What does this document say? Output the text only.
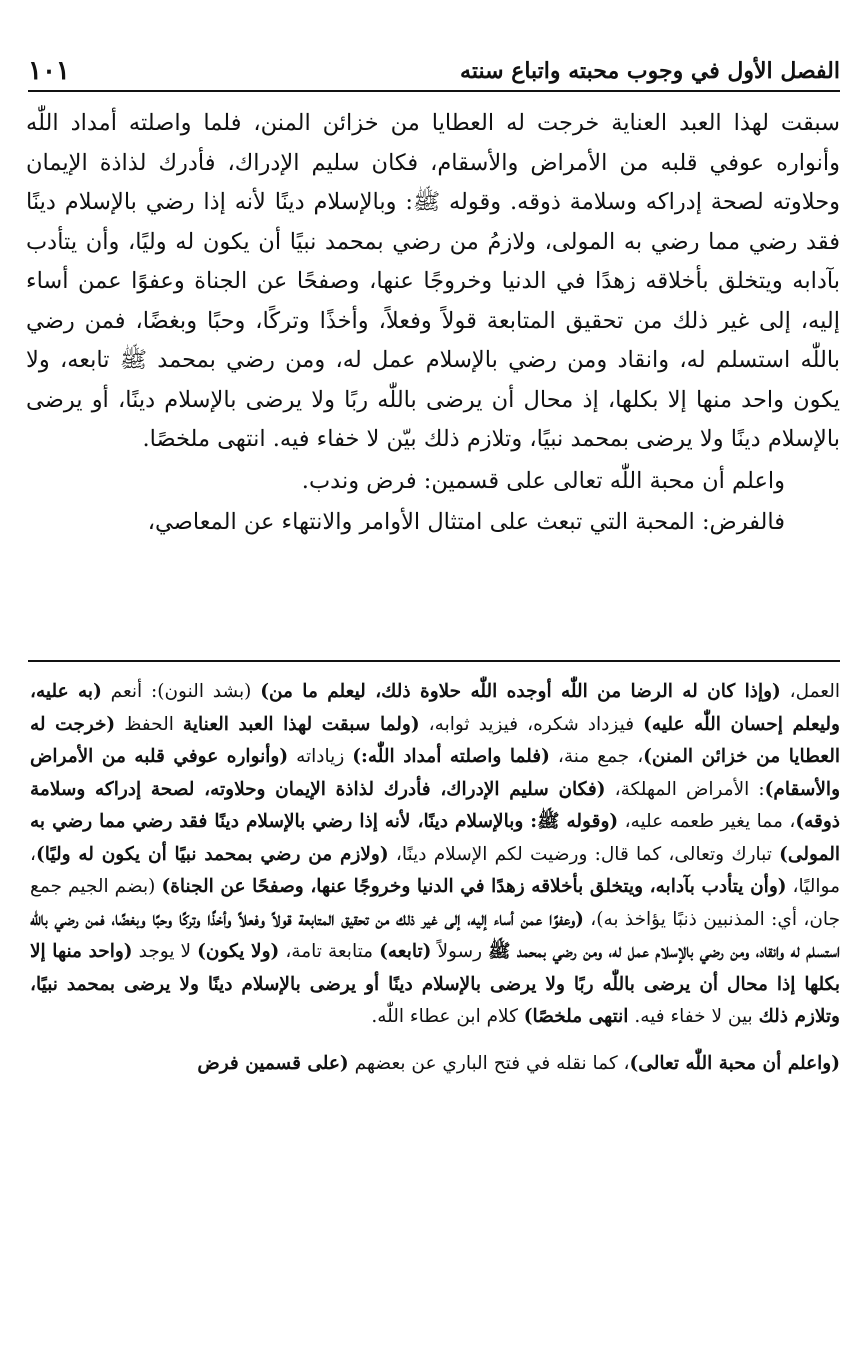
الفصل الأول في وجوب محبته واتباع سنته
١٠١

سبقت لهذا العبد العناية خرجت له العطايا من خزائن المنن، فلما واصلته أمداد اللّٰه وأنواره عوفي قلبه من الأمراض والأسقام، فكان سليم الإدراك، فأدرك لذاذة الإيمان وحلاوته لصحة إدراكه وسلامة ذوقه. وقوله ﷺ: وبالإسلام دينًا لأنه إذا رضي بالإسلام دينًا فقد رضي مما رضي به المولى، ولازمُ من رضي بمحمد نبيًا أن يكون له وليًا، وأن يتأدب بآدابه ويتخلق بأخلاقه زهدًا في الدنيا وخروجًا عنها، وصفحًا عن الجناة وعفوًا عمن أساء إليه، إلى غير ذلك من تحقيق المتابعة قولاً وفعلاً، وأخذًا وتركًا، وحبًا وبغضًا، فمن رضي باللّٰه استسلم له، وانقاد ومن رضي بالإسلام عمل له، ومن رضي بمحمد ﷺ تابعه، ولا يكون واحد منها إلا بكلها، إذ محال أن يرضى باللّٰه ربًا ولا يرضى بالإسلام دينًا، أو يرضى بالإسلام دينًا ولا يرضى بمحمد نبيًا، وتلازم ذلك بيّن لا خفاء فيه. انتهى ملخصًا.

واعلم أن محبة اللّٰه تعالى على قسمين: فرض وندب.

فالفرض: المحبة التي تبعث على امتثال الأوامر والانتهاء عن المعاصي،

العمل، (وإذا كان له الرضا من اللّٰه أوجده اللّٰه حلاوة ذلك، ليعلم ما من) (بشد النون): أنعم (به عليه، وليعلم إحسان اللّٰه عليه) فيزداد شكره، فيزيد ثوابه، (ولما سبقت لهذا العبد العناية الحفظ (خرجت له العطايا من خزائن المنن)، جمع منة، (فلما واصلته أمداد اللّٰه:) زياداته (وأنواره عوفي قلبه من الأمراض والأسقام): الأمراض المهلكة، (فكان سليم الإدراك، فأدرك لذاذة الإيمان وحلاوته، لصحة إدراكه وسلامة ذوقه)، مما يغير طعمه عليه، (وقوله ﷺ: وبالإسلام دينًا، لأنه إذا رضي بالإسلام دينًا فقد رضي مما رضي به المولى) تبارك وتعالى، كما قال: ورضيت لكم الإسلام دينًا، (ولازم من رضي بمحمد نبيًا أن يكون له وليًا)، مواليًا، (وأن يتأدب بآدابه، ويتخلق بأخلاقه زهدًا في الدنيا وخروجًا عنها، وصفحًا عن الجناة) (بضم الجيم جمع جان، أي: المذنبين ذنبًا يؤاخذ به)، (وعفوًا عمن أساء إليه، إلى غير ذلك من تحقيق المتابعة قولاً وفعلاً وأخذًا وتركًا وحبًا وبغضًا، فمن رضي باللّٰه استسلم له وانقاد، ومن رضي بالإسلام عمل له، ومن رضي بمحمد ﷺ رسولاً (تابعه) متابعة تامة، (ولا يكون) لا يوجد (واحد منها إلا بكلها إذا محال أن يرضى باللّٰه ربًا ولا يرضى بالإسلام دينًا أو يرضى بالإسلام دينًا ولا يرضى بمحمد نبيًا، وتلازم ذلك بين لا خفاء فيه. انتهى ملخصًا) كلام ابن عطاء اللّٰه.

(واعلم أن محبة اللّٰه تعالى)، كما نقله في فتح الباري عن بعضهم (على قسمين فرض
